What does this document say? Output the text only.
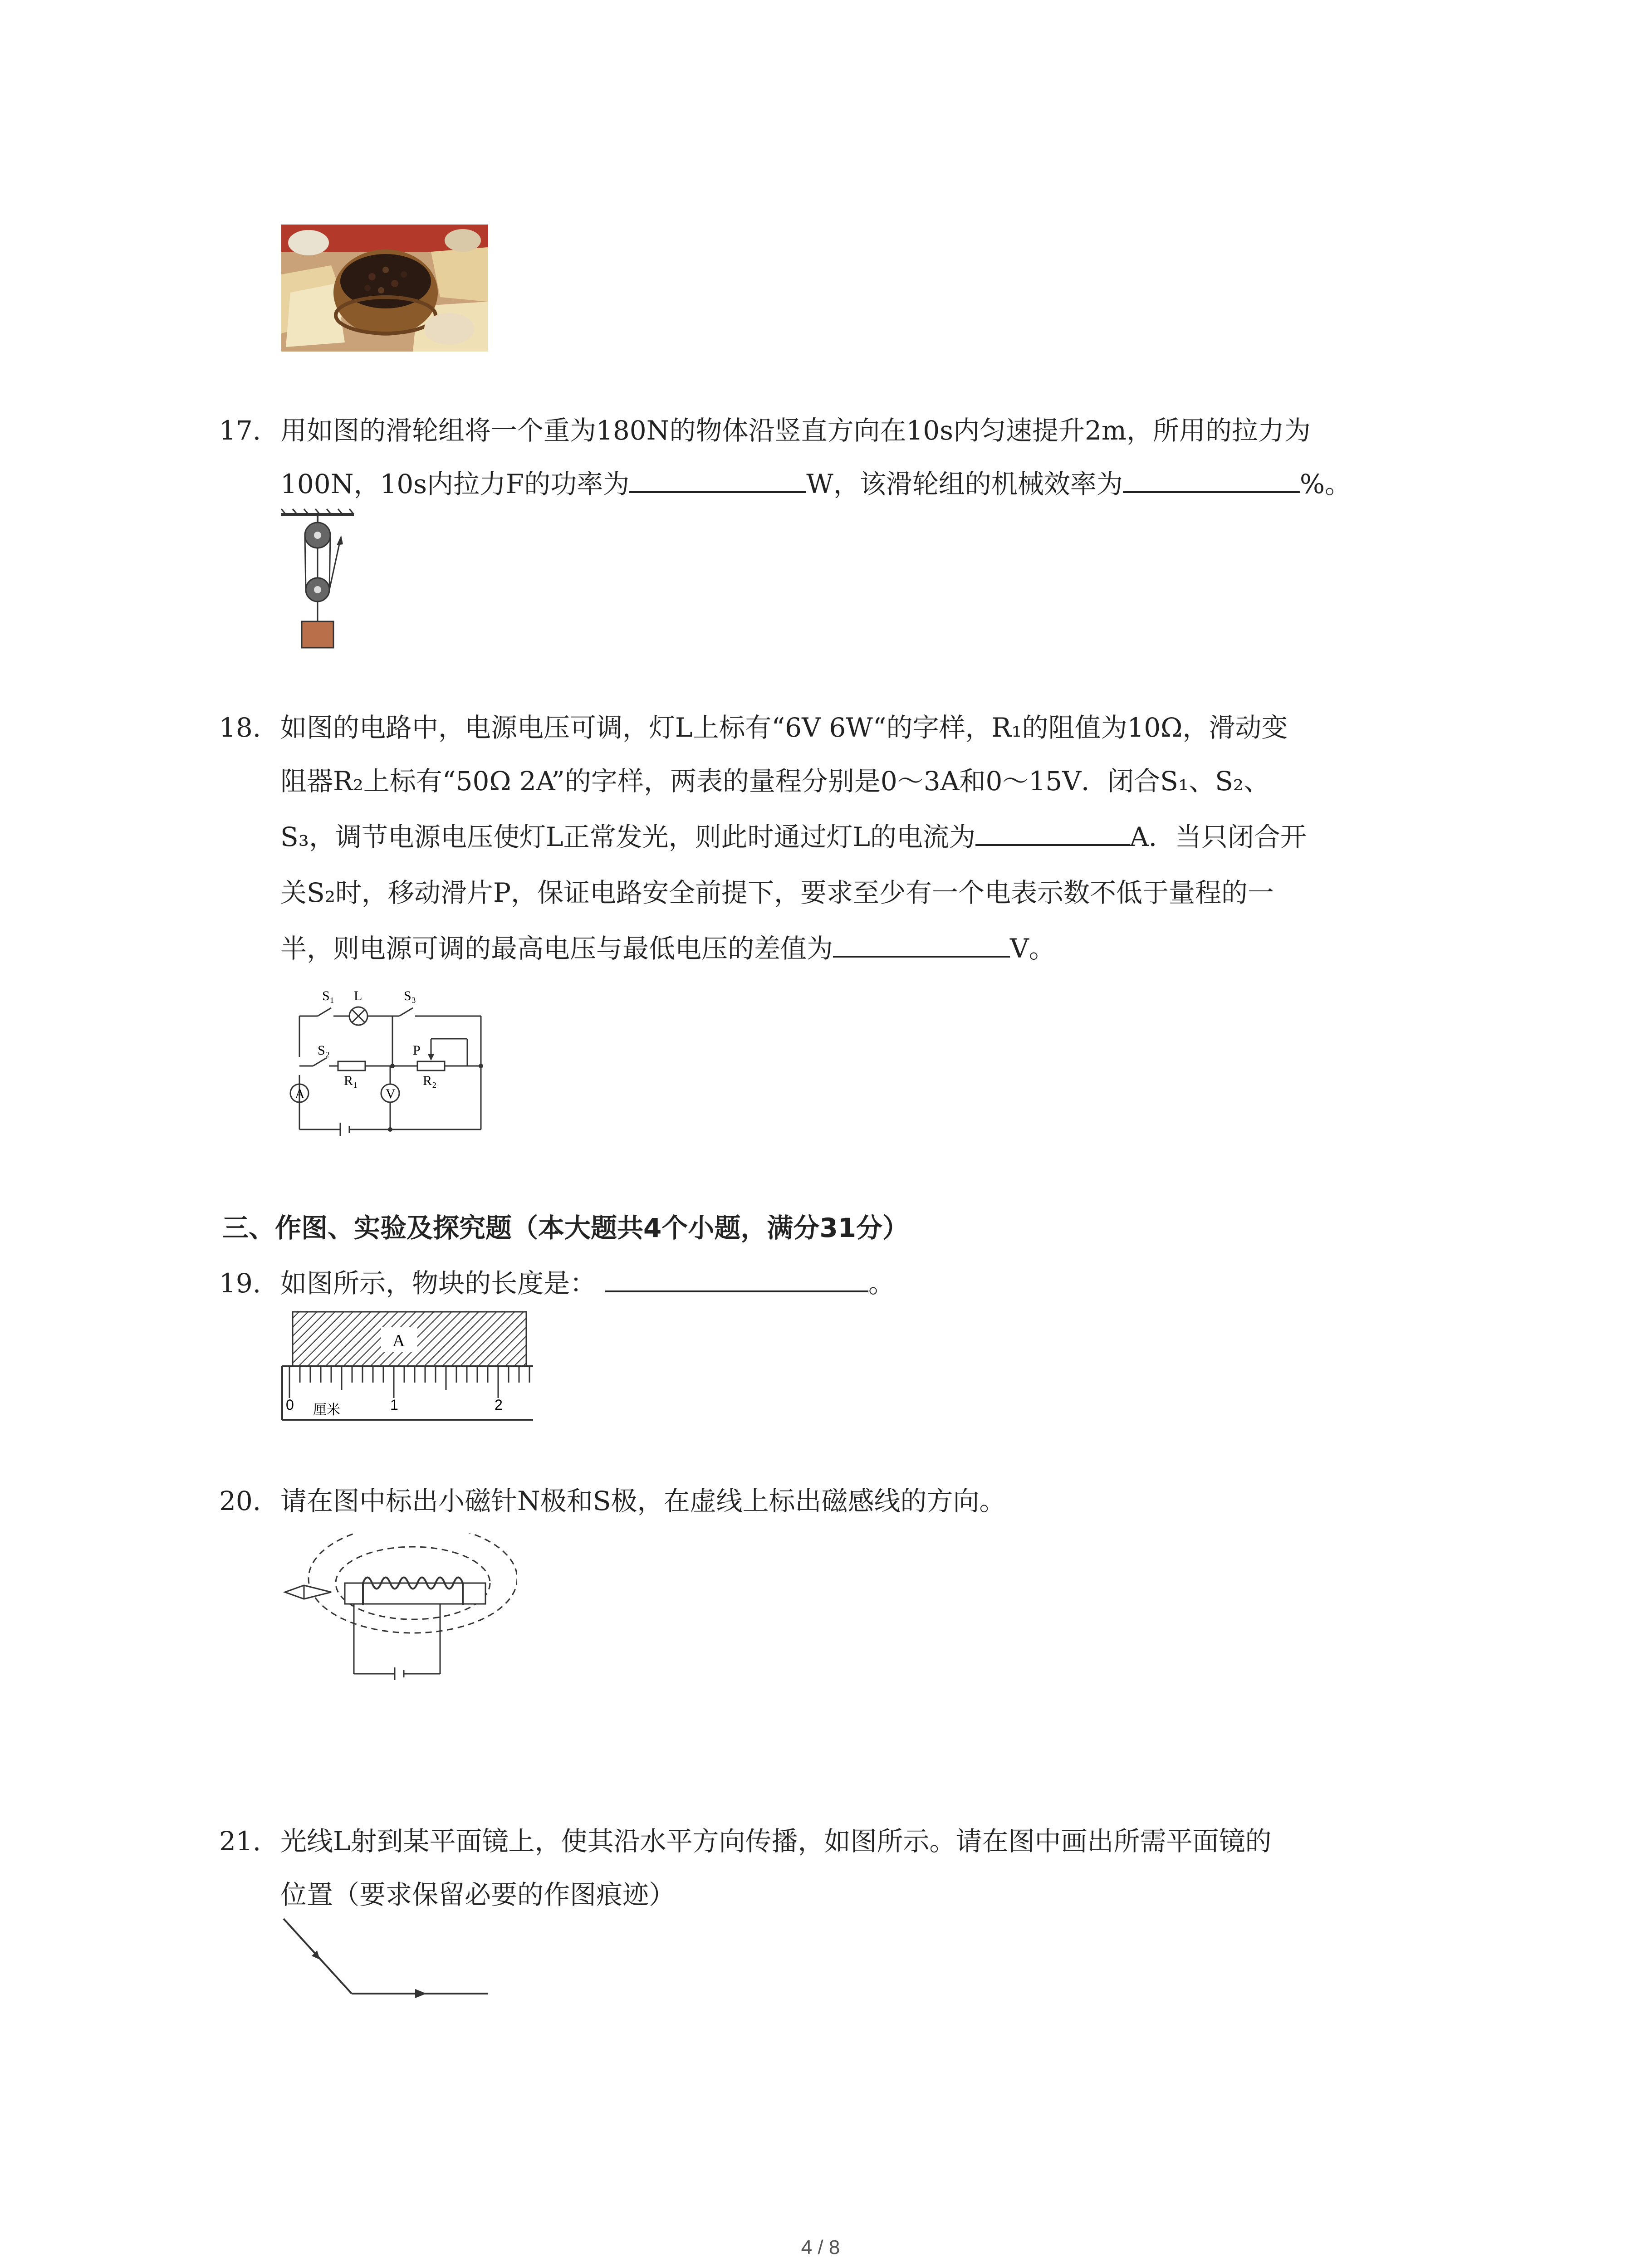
17. 用如图的滑轮组将一个重为180N的物体沿竖直方向在10s内匀速提升2m，所用的拉力为

100N，10s内拉力F的功率为	W，该滑轮组的机械效率为	%。

18. 如图的电路中，电源电压可调，灯L上标有“6V 6W“的字样，R₁的阻值为10Ω，滑动变

阻器R₂上标有“50Ω 2A”的字样，两表的量程分别是0～3A和0～15V．闭合S₁、S₂、

S₃，调节电源电压使灯L正常发光，则此时通过灯L的电流为	A．当只闭合开

关S₂时，移动滑片P，保证电路安全前提下，要求至少有一个电表示数不低于量程的一

半，则电源可调的最高电压与最低电压的差值为	V。

S₁ L	S₃
S₂	P
R₁	R₂
A	V
三、作图、实验及探究题（本大题共4个小题，满分31分）
19. 如图所示，物块的长度是：	。

A
0 厘米	1	2
20. 请在图中标出小磁针N极和S极，在虚线上标出磁感线的方向。

21. 光线L射到某平面镜上，使其沿水平方向传播，如图所示。请在图中画出所需平面镜的

位置（要求保留必要的作图痕迹）

4 / 8
